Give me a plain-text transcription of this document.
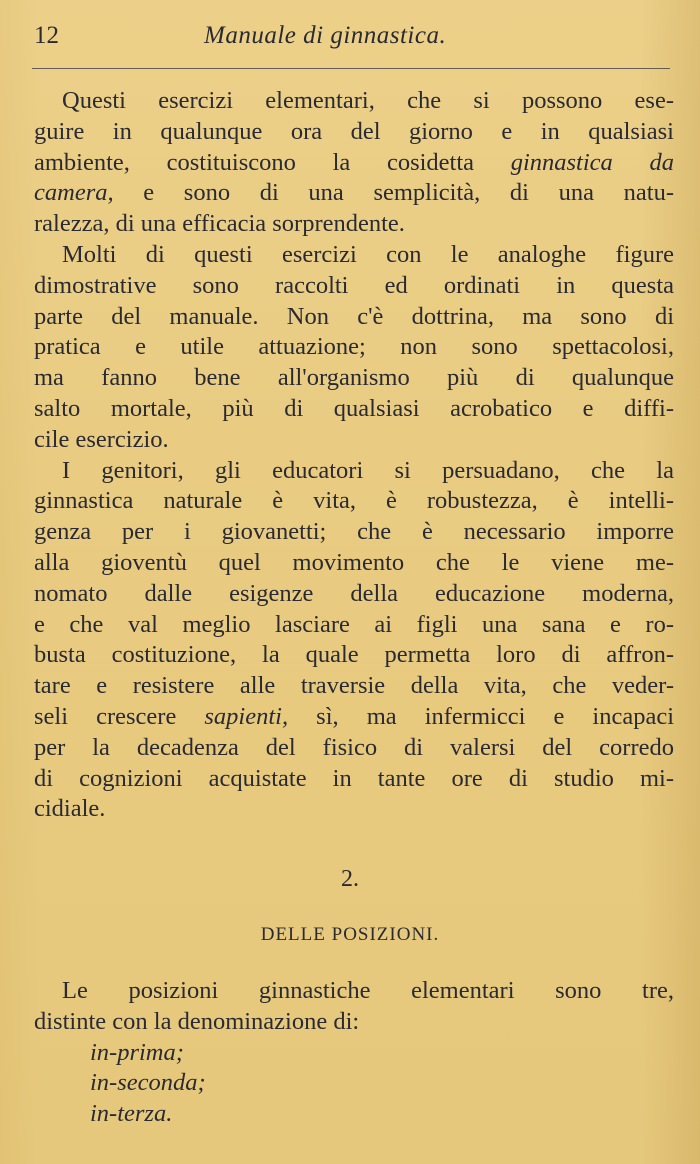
12	Manuale di ginnastica.
Questi esercizi elementari, che si possono ese-
guire in qualunque ora del giorno e in qualsiasi
ambiente, costituiscono la cosidetta ginnastica da
camera, e sono di una semplicità, di una natu-
ralezza, di una efficacia sorprendente.
Molti di questi esercizi con le analoghe figure
dimostrative sono raccolti ed ordinati in questa
parte del manuale. Non c'è dottrina, ma sono di
pratica e utile attuazione; non sono spettacolosi,
ma fanno bene all'organismo più di qualunque
salto mortale, più di qualsiasi acrobatico e diffi-
cile esercizio.
I genitori, gli educatori si persuadano, che la
ginnastica naturale è vita, è robustezza, è intelli-
genza per i giovanetti; che è necessario imporre
alla gioventù quel movimento che le viene me-
nomato dalle esigenze della educazione moderna,
e che val meglio lasciare ai figli una sana e ro-
busta costituzione, la quale permetta loro di affron-
tare e resistere alle traversie della vita, che veder-
seli crescere sapienti, sì, ma infermicci e incapaci
per la decadenza del fisico di valersi del corredo
di cognizioni acquistate in tante ore di studio mi-
cidiale.
2.
DELLE POSIZIONI.
Le posizioni ginnastiche elementari sono tre,
distinte con la denominazione di:
in-prima;
in-seconda;
in-terza.
